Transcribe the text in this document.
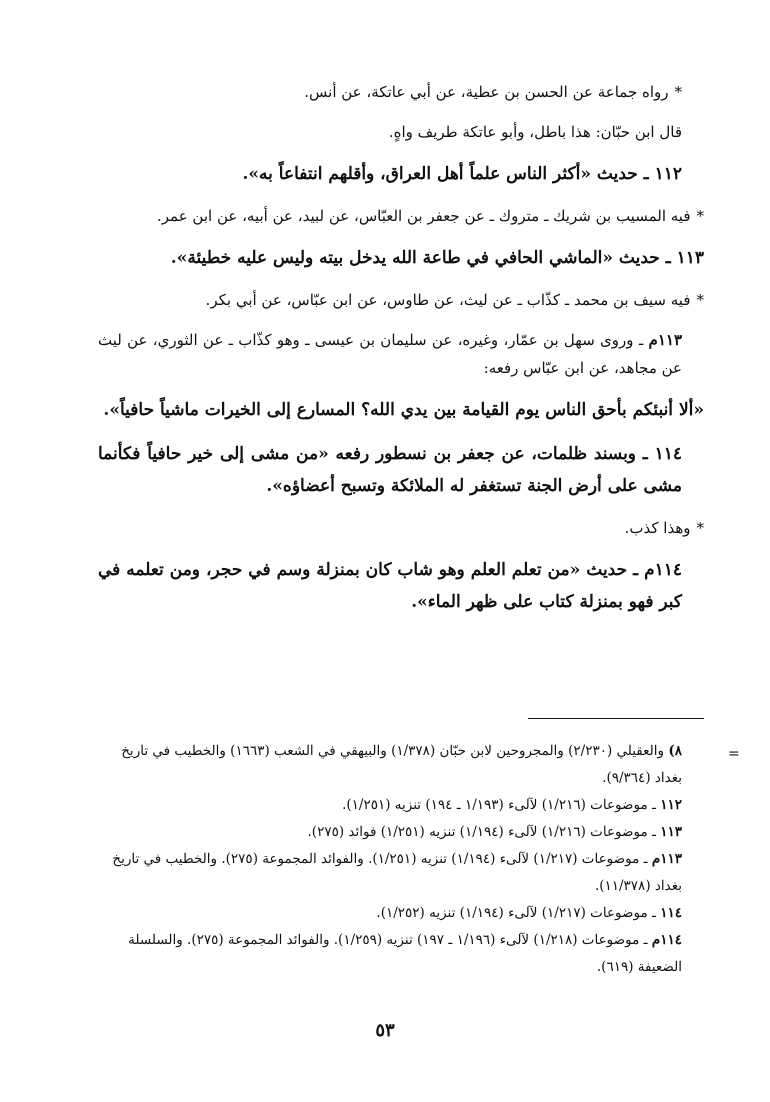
*رواه جماعة عن الحسن بن عطية، عن أبي عاتكة، عن أنس.

قال ابن حبّان: هذا باطل، وأبو عاتكة طريف واهٍ.

١١٢ ـ حديث «أكثر الناس علماً أهل العراق، وأقلهم انتفاعاً به».

*فيه المسيب بن شريك ـ متروك ـ عن جعفر بن العبّاس، عن لبيد، عن أبيه، عن ابن عمر.

١١٣ ـ حديث «الماشي الحافي في طاعة الله يدخل بيته وليس عليه خطيئة».

*فيه سيف بن محمد ـ كذّاب ـ عن ليث، عن طاوس، عن ابن عبّاس، عن أبي بكر.

١١٣م ـ وروى سهل بن عمّار، وغيره، عن سليمان بن عيسى ـ وهو كذّاب ـ عن الثوري، عن ليث عن مجاهد، عن ابن عبّاس رفعه:

«ألا أنبئكم بأحق الناس يوم القيامة بين يدي الله؟ المسارع إلى الخيرات ماشياً حافياً».

١١٤ ـ وبسند ظلمات، عن جعفر بن نسطور رفعه «من مشى إلى خير حافياً فكأنما مشى على أرض الجنة تستغفر له الملائكة وتسبح أعضاؤه».

*وهذا كذب.

١١٤م ـ حديث «من تعلم العلم وهو شاب كان بمنزلة وسم في حجر، ومن تعلمه في كبر فهو بمنزلة كتاب على ظهر الماء».

=

٨) والعقيلي (٢/٢٣٠) والمجروحين لابن حبّان (١/٣٧٨) والبيهقي في الشعب (١٦٦٣) والخطيب في تاريخ بغداد (٩/٣٦٤).

١١٢ ـ موضوعات (١/٢١٦) لآلىء (١/١٩٣ ـ ١٩٤) تنزيه (١/٢٥١).

١١٣ ـ موضوعات (١/٢١٦) لآلىء (١/١٩٤) تنزيه (١/٢٥١) فوائد (٢٧٥).

١١٣م ـ موضوعات (١/٢١٧) لآلىء (١/١٩٤) تنزيه (١/٢٥١). والفوائد المجموعة (٢٧٥). والخطيب في تاريخ بغداد (١١/٣٧٨).

١١٤ ـ موضوعات (١/٢١٧) لآلىء (١/١٩٤) تنزيه (١/٢٥٢).

١١٤م ـ موضوعات (١/٢١٨) لآلىء (١/١٩٦ ـ ١٩٧) تنزيه (١/٢٥٩). والفوائد المجموعة (٢٧٥). والسلسلة الضعيفة (٦١٩).

٥٣
